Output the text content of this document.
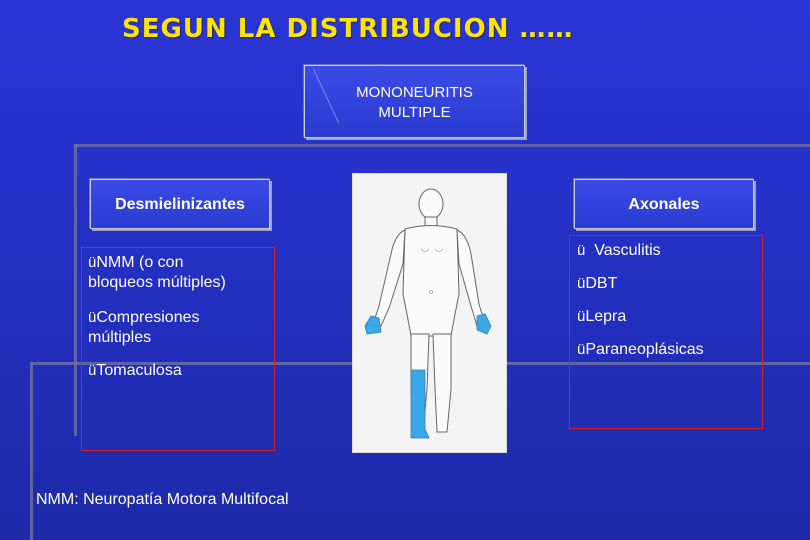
SEGUN LA DISTRIBUCION ……
MONONEURITIS
MULTIPLE
Desmielinizantes	Axonales
üNMM (o con
bloqueos múltiples)
üCompresiones
múltiples
üTomaculosa
ü Vasculitis
üDBT
üLepra
üParaneoplásicas
NMM: Neuropatía Motora Multifocal
